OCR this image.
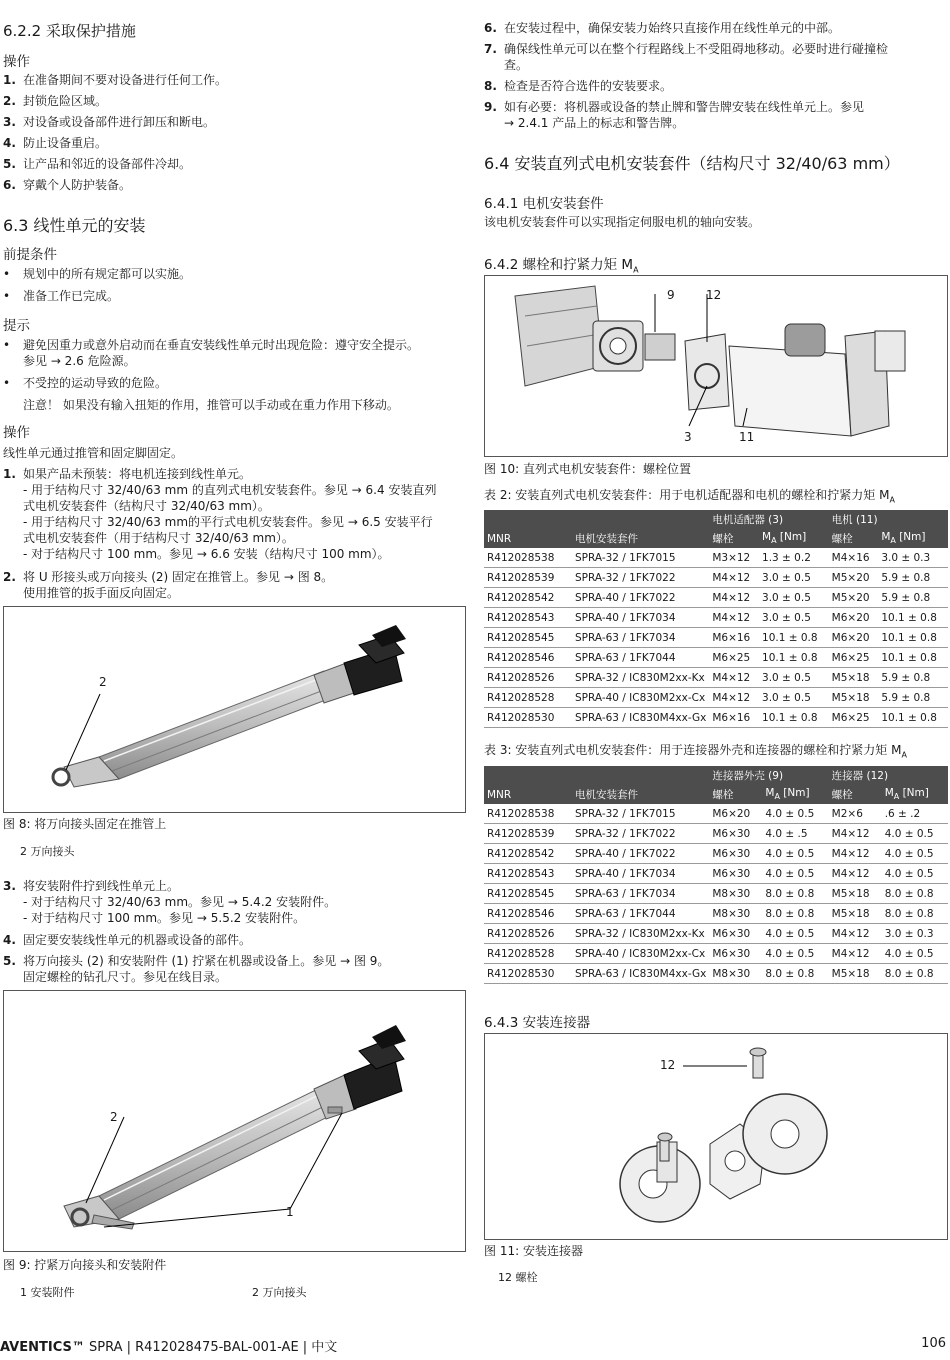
6.2.2 采取保护措施
操作
1. 在准备期间不要对设备进行任何工作。
2. 封锁危险区域。
3. 对设备或设备部件进行卸压和断电。
4. 防止设备重启。
5. 让产品和邻近的设备部件冷却。
6. 穿戴个人防护装备。
6.3 线性单元的安装
前提条件
• 规划中的所有规定都可以实施。
• 准备工作已完成。
提示
• 避免因重力或意外启动而在垂直安装线性单元时出现危险：遵守安全提示。
参见 → 2.6 危险源。
• 不受控的运动导致的危险。
注意！ 如果没有输入扭矩的作用，推管可以手动或在重力作用下移动。
操作
线性单元通过推管和固定脚固定。
1. 如果产品未预装：将电机连接到线性单元。
- 用于结构尺寸 32/40/63 mm 的直列式电机安装套件。参见 → 6.4 安装直列
式电机安装套件（结构尺寸 32/40/63 mm）。
- 用于结构尺寸 32/40/63 mm的平行式电机安装套件。参见 → 6.5 安装平行
式电机安装套件（用于结构尺寸 32/40/63 mm）。
- 对于结构尺寸 100 mm。参见 → 6.6 安装（结构尺寸 100 mm）。
2. 将 U 形接头或万向接头 (2) 固定在推管上。参见 → 图 8。
使用推管的扳手面反向固定。
2
图 8: 将万向接头固定在推管上
2 万向接头
3. 将安装附件拧到线性单元上。
- 对于结构尺寸 32/40/63 mm。参见 → 5.4.2 安装附件。
- 对于结构尺寸 100 mm。参见 → 5.5.2 安装附件。
4. 固定要安装线性单元的机器或设备的部件。
5. 将万向接头 (2) 和安装附件 (1) 拧紧在机器或设备上。参见 → 图 9。
固定螺栓的钻孔尺寸。参见在线目录。
2
1
图 9: 拧紧万向接头和安装附件
1 安装附件	2 万向接头
6. 在安装过程中，确保安装力始终只直接作用在线性单元的中部。
7. 确保线性单元可以在整个行程路线上不受阻碍地移动。必要时进行碰撞检
查。
8. 检查是否符合选件的安装要求。
9. 如有必要：将机器或设备的禁止牌和警告牌安装在线性单元上。参见
→ 2.4.1 产品上的标志和警告牌。
6.4 安装直列式电机安装套件（结构尺寸 32/40/63 mm）
6.4.1 电机安装套件
该电机安装套件可以实现指定伺服电机的轴向安装。
6.4.2 螺栓和拧紧力矩 $M_A$
9	12
3	11
图 10: 直列式电机安装套件：螺栓位置
表 2: 安装直列式电机安装套件：用于电机适配器和电机的螺栓和拧紧力矩 $M_A$
		电机适配器 (3)		电机 (11)	
MNR	电机安装套件	螺栓	$M_A$ [Nm]	螺栓	$M_A$ [Nm]
R412028538	SPRA-32 / 1FK7015	M3×12	1.3 ± 0.2	M4×16	3.0 ± 0.3
R412028539	SPRA-32 / 1FK7022	M4×12	3.0 ± 0.5	M5×20	5.9 ± 0.8
R412028542	SPRA-40 / 1FK7022	M4×12	3.0 ± 0.5	M5×20	5.9 ± 0.8
R412028543	SPRA-40 / 1FK7034	M4×12	3.0 ± 0.5	M6×20	10.1 ± 0.8
R412028545	SPRA-63 / 1FK7034	M6×16	10.1 ± 0.8	M6×20	10.1 ± 0.8
R412028546	SPRA-63 / 1FK7044	M6×25	10.1 ± 0.8	M6×25	10.1 ± 0.8
R412028526	SPRA-32 / IC830M2xx-Kx	M4×12	3.0 ± 0.5	M5×18	5.9 ± 0.8
R412028528	SPRA-40 / IC830M2xx-Cx	M4×12	3.0 ± 0.5	M5×18	5.9 ± 0.8
R412028530	SPRA-63 / IC830M4xx-Gx	M6×16	10.1 ± 0.8	M6×25	10.1 ± 0.8
表 3: 安装直列式电机安装套件：用于连接器外壳和连接器的螺栓和拧紧力矩 $M_A$
		连接器外壳 (9)		连接器 (12)	
MNR	电机安装套件	螺栓	$M_A$ [Nm]	螺栓	$M_A$ [Nm]
R412028538	SPRA-32 / 1FK7015	M6×20	4.0 ± 0.5	M2×6	.6 ± .2
R412028539	SPRA-32 / 1FK7022	M6×30	4.0 ± .5	M4×12	4.0 ± 0.5
R412028542	SPRA-40 / 1FK7022	M6×30	4.0 ± 0.5	M4×12	4.0 ± 0.5
R412028543	SPRA-40 / 1FK7034	M6×30	4.0 ± 0.5	M4×12	4.0 ± 0.5
R412028545	SPRA-63 / 1FK7034	M8×30	8.0 ± 0.8	M5×18	8.0 ± 0.8
R412028546	SPRA-63 / 1FK7044	M8×30	8.0 ± 0.8	M5×18	8.0 ± 0.8
R412028526	SPRA-32 / IC830M2xx-Kx	M6×30	4.0 ± 0.5	M4×12	3.0 ± 0.3
R412028528	SPRA-40 / IC830M2xx-Cx	M6×30	4.0 ± 0.5	M4×12	4.0 ± 0.5
R412028530	SPRA-63 / IC830M4xx-Gx	M8×30	8.0 ± 0.8	M5×18	8.0 ± 0.8
6.4.3 安装连接器
12
图 11: 安装连接器
12 螺栓
AVENTICS™ SPRA | R412028475-BAL-001-AE | 中文	106
